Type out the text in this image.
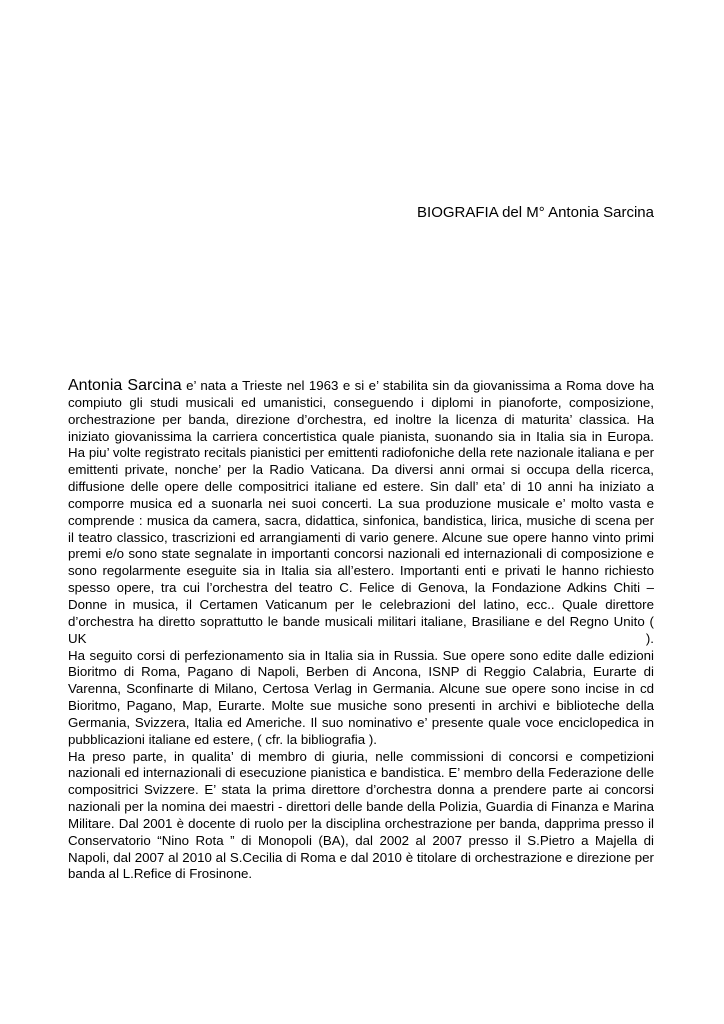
BIOGRAFIA del M° Antonia Sarcina

Antonia Sarcina e’ nata a Trieste nel 1963 e si e’ stabilita sin da giovanissima a Roma dove ha compiuto gli studi musicali ed umanistici, conseguendo i diplomi in pianoforte, composizione, orchestrazione per banda, direzione d’orchestra, ed inoltre la licenza di maturita’ classica. Ha iniziato giovanissima la carriera concertistica quale pianista, suonando sia in Italia sia in Europa. Ha piu’ volte registrato recitals pianistici per emittenti radiofoniche della rete nazionale italiana e per emittenti private, nonche’ per la Radio Vaticana. Da diversi anni ormai si occupa della ricerca, diffusione delle opere delle compositrici italiane ed estere. Sin dall’ eta’ di 10 anni ha iniziato a comporre musica ed a suonarla nei suoi concerti. La sua produzione musicale e’ molto vasta e comprende : musica da camera, sacra, didattica, sinfonica, bandistica, lirica, musiche di scena per il teatro classico, trascrizioni ed arrangiamenti di vario genere. Alcune sue opere hanno vinto primi premi e/o sono state segnalate in importanti concorsi nazionali ed internazionali di composizione e sono regolarmente eseguite sia in Italia sia all’estero. Importanti enti e privati le hanno richiesto spesso opere, tra cui l’orchestra del teatro C. Felice di Genova, la Fondazione Adkins Chiti – Donne in musica, il Certamen Vaticanum per le celebrazioni del latino, ecc.. Quale direttore d’orchestra ha diretto soprattutto le bande musicali militari italiane, Brasiliane e del Regno Unito ( UK ).

Ha seguito corsi di perfezionamento sia in Italia sia in Russia. Sue opere sono edite dalle edizioni Bioritmo di Roma, Pagano di Napoli, Berben di Ancona, ISNP di Reggio Calabria, Eurarte di Varenna, Sconfinarte di Milano, Certosa Verlag in Germania. Alcune sue opere sono incise in cd Bioritmo, Pagano, Map, Eurarte. Molte sue musiche sono presenti in archivi e biblioteche della Germania, Svizzera, Italia ed Americhe. Il suo nominativo e’ presente quale voce enciclopedica in pubblicazioni italiane ed estere, ( cfr. la bibliografia ).

Ha preso parte, in qualita’ di membro di giuria, nelle commissioni di concorsi e competizioni nazionali ed internazionali di esecuzione pianistica e bandistica. E’ membro della Federazione delle compositrici Svizzere. E’ stata la prima direttore d’orchestra donna a prendere parte ai concorsi nazionali per la nomina dei maestri - direttori delle bande della Polizia, Guardia di Finanza e Marina Militare. Dal 2001 è docente di ruolo per la disciplina orchestrazione per banda, dapprima presso il Conservatorio “Nino Rota ” di Monopoli (BA), dal 2002 al 2007 presso il S.Pietro a Majella di Napoli, dal 2007 al 2010 al S.Cecilia di Roma e dal 2010 è titolare di orchestrazione e direzione per banda al L.Refice di Frosinone.
